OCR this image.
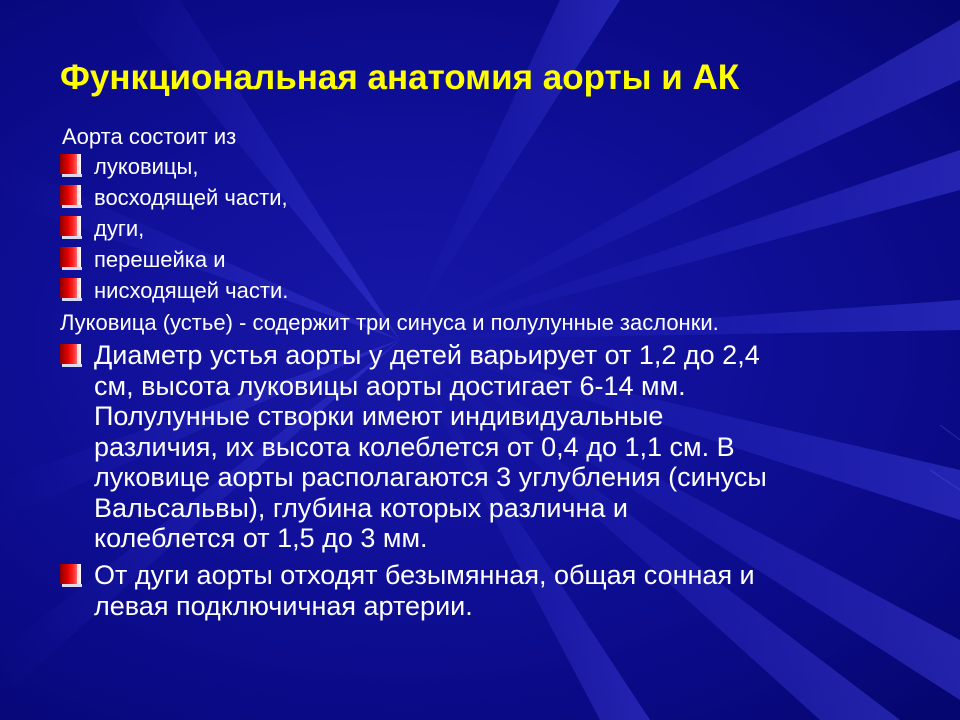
Функциональная анатомия аорты и АК
Аорта состоит из
луковицы,
восходящей части,
дуги,
перешейка и
нисходящей части.
Луковица (устье) - содержит три синуса и полулунные заслонки.
Диаметр устья аорты у детей варьирует от 1,2 до 2,4
см, высота луковицы аорты достигает 6-14 мм.
Полулунные створки имеют индивидуальные
различия, их высота колеблется от 0,4 до 1,1 см. В
луковице аорты располагаются 3 углубления (синусы
Вальсальвы), глубина которых различна и
колеблется от 1,5 до 3 мм.
От дуги аорты отходят безымянная, общая сонная и
левая подключичная артерии.
